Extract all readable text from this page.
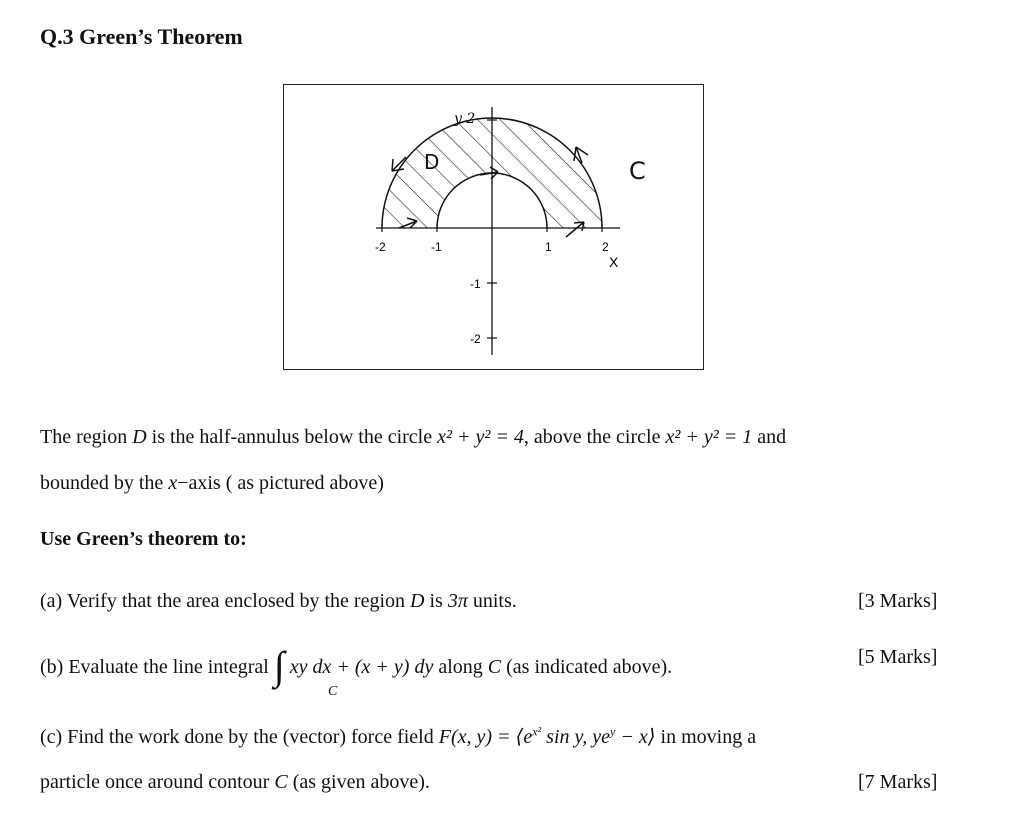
Q.3 Green’s Theorem
-2	-1	1	2
X
-1
-2
y 2
D	C
The region D is the half-annulus below the circle x² + y² = 4, above the circle x² + y² = 1 and
bounded by the x−axis ( as pictured above)
Use Green’s theorem to:
(a) Verify that the area enclosed by the region D is 3π units.	[3 Marks]
(b) Evaluate the line integral ∫ xy dx + (x + y) dy along C (as indicated above).
C
[5 Marks]
(c) Find the work done by the (vector) force field F(x, $y) = ⟨e^{x^2}$ sin y, $ye^y$ − x⟩ in moving a
particle once around contour C (as given above).	[7 Marks]
